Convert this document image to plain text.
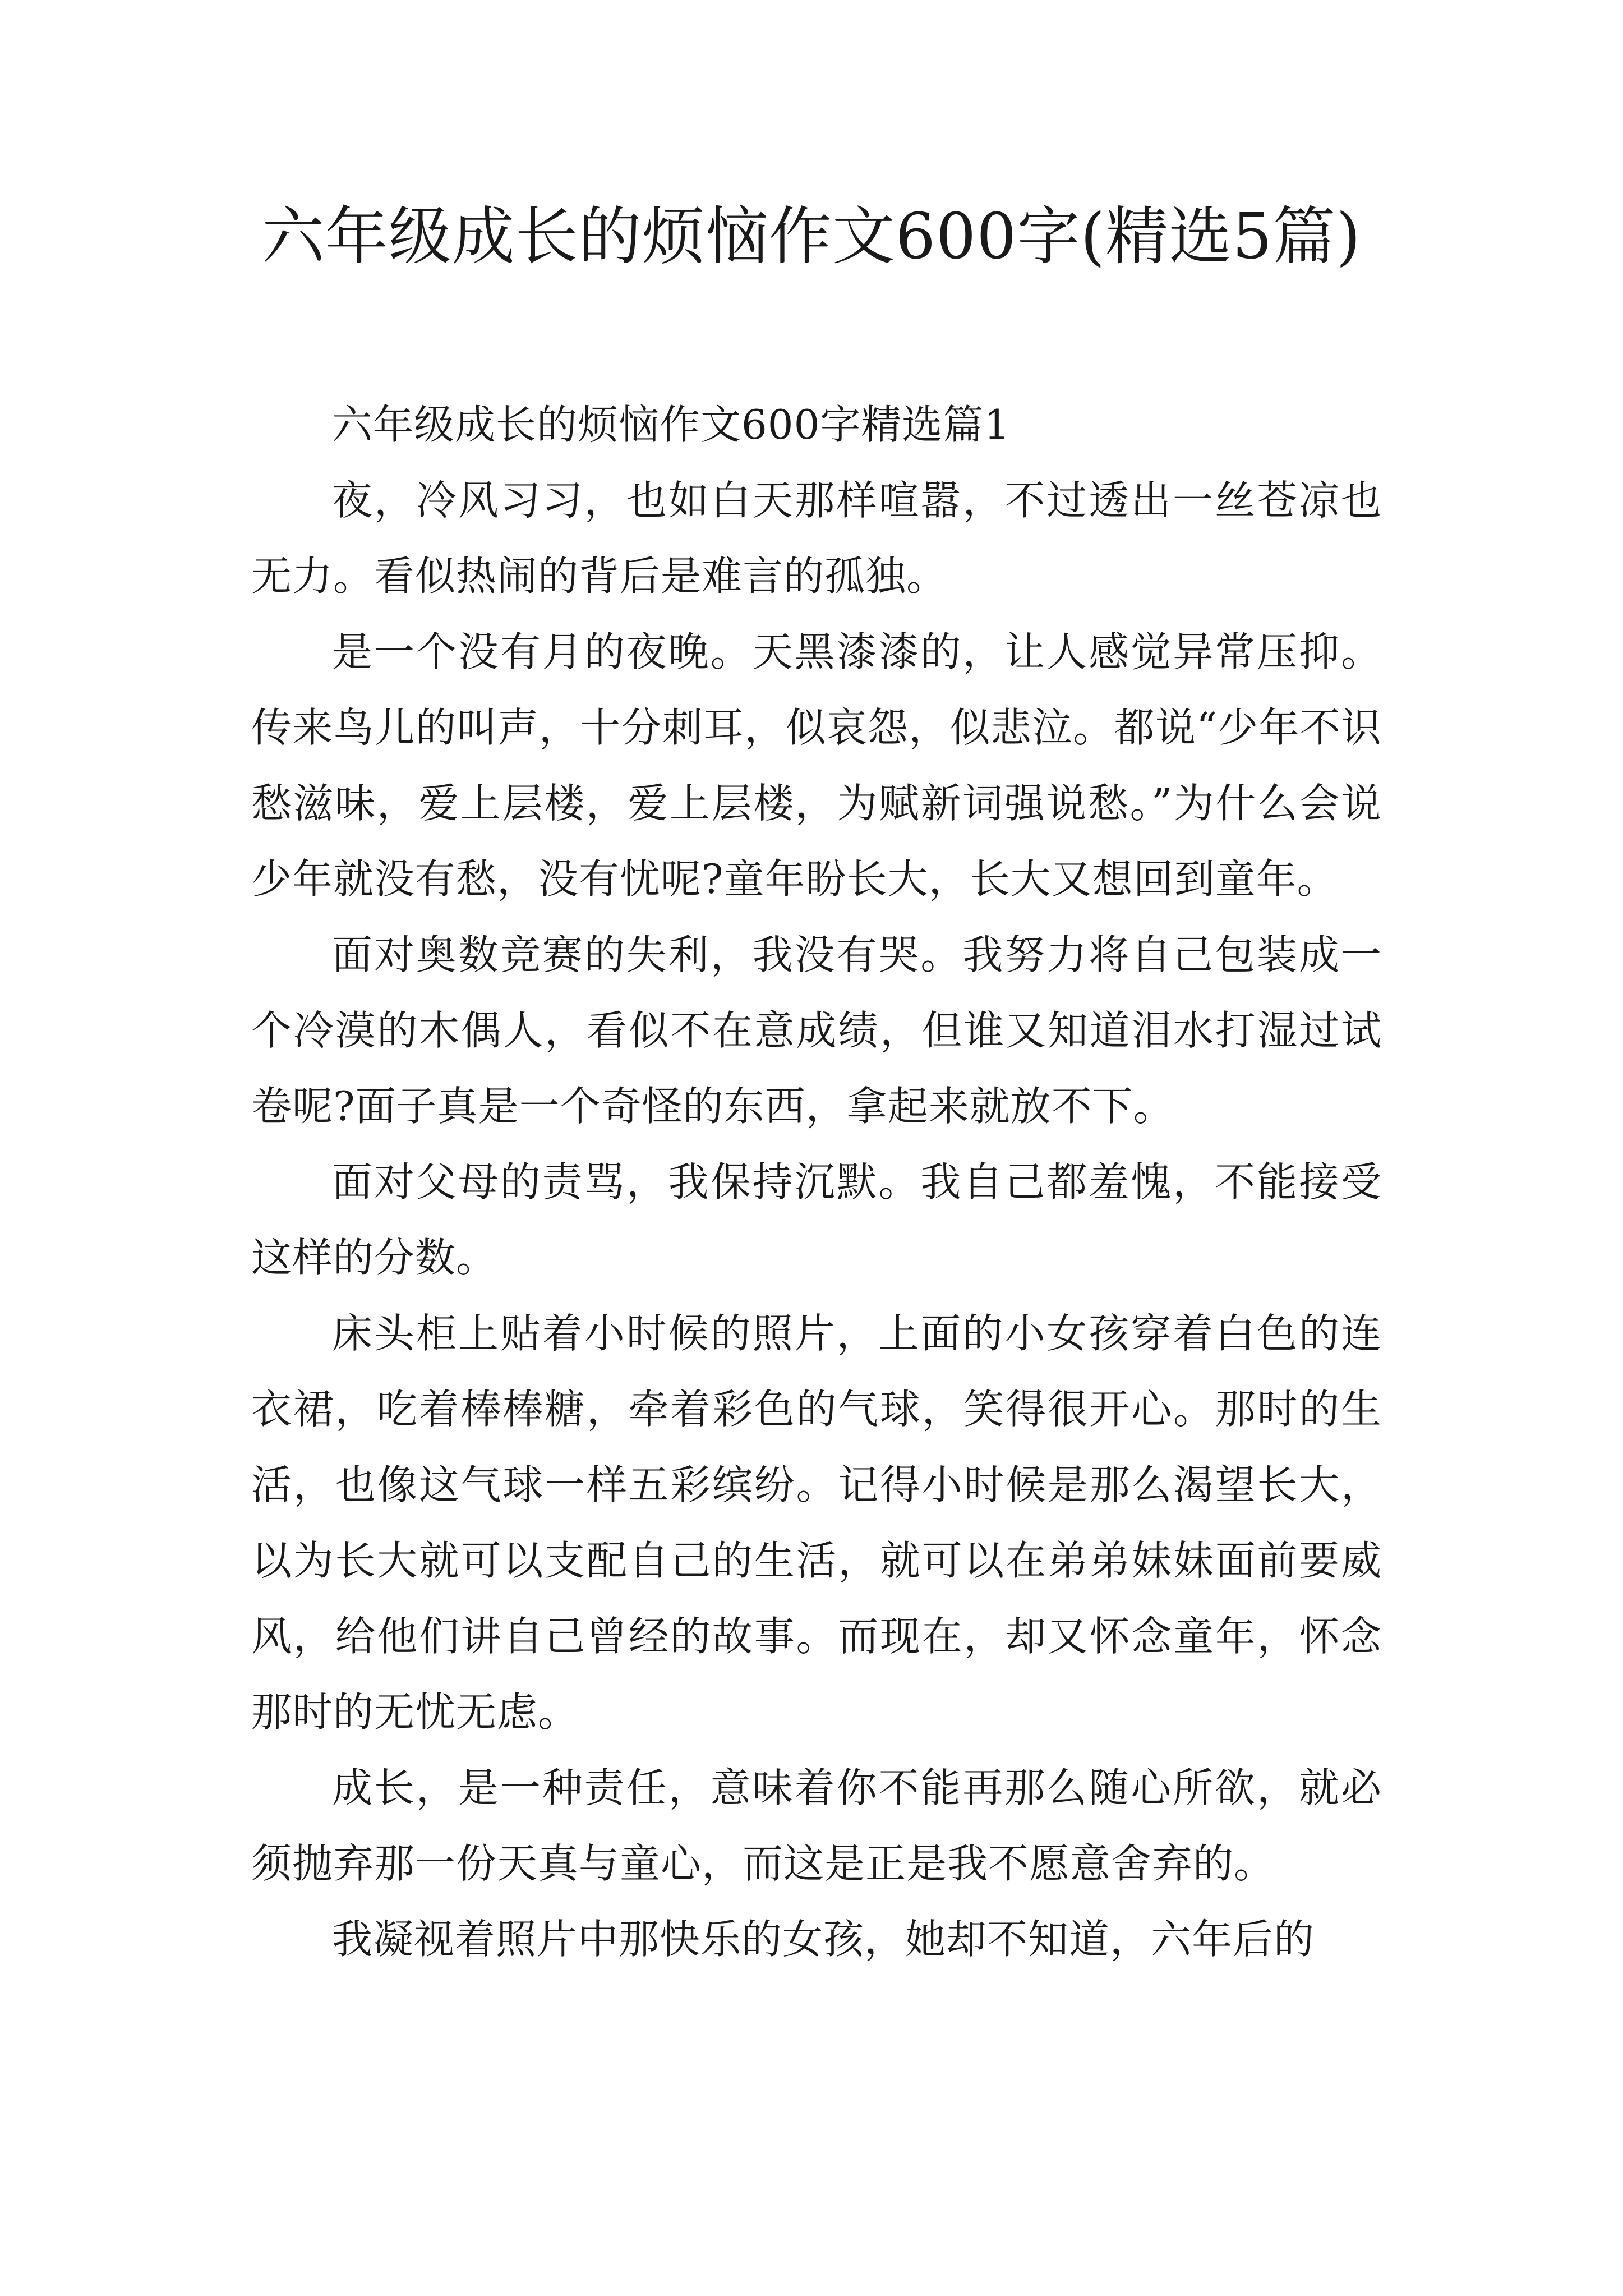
六年级成长的烦恼作文600字(精选5篇)

六年级成长的烦恼作文600字精选篇1

夜，冷风习习，也如白天那样喧嚣，不过透出一丝苍凉也无力。看似热闹的背后是难言的孤独。

是一个没有月的夜晚。天黑漆漆的，让人感觉异常压抑。传来鸟儿的叫声，十分刺耳，似哀怨，似悲泣。都说“少年不识愁滋味，爱上层楼，爱上层楼，为赋新词强说愁。”为什么会说少年就没有愁，没有忧呢?童年盼长大，长大又想回到童年。

面对奥数竞赛的失利，我没有哭。我努力将自己包装成一个冷漠的木偶人，看似不在意成绩，但谁又知道泪水打湿过试卷呢?面子真是一个奇怪的东西，拿起来就放不下。

面对父母的责骂，我保持沉默。我自己都羞愧，不能接受这样的分数。

床头柜上贴着小时候的照片，上面的小女孩穿着白色的连衣裙，吃着棒棒糖，牵着彩色的气球，笑得很开心。那时的生活，也像这气球一样五彩缤纷。记得小时候是那么渴望长大，以为长大就可以支配自己的生活，就可以在弟弟妹妹面前要威风，给他们讲自己曾经的故事。而现在，却又怀念童年，怀念那时的无忧无虑。

成长，是一种责任，意味着你不能再那么随心所欲，就必须抛弃那一份天真与童心，而这是正是我不愿意舍弃的。

我凝视着照片中那快乐的女孩，她却不知道，六年后的
